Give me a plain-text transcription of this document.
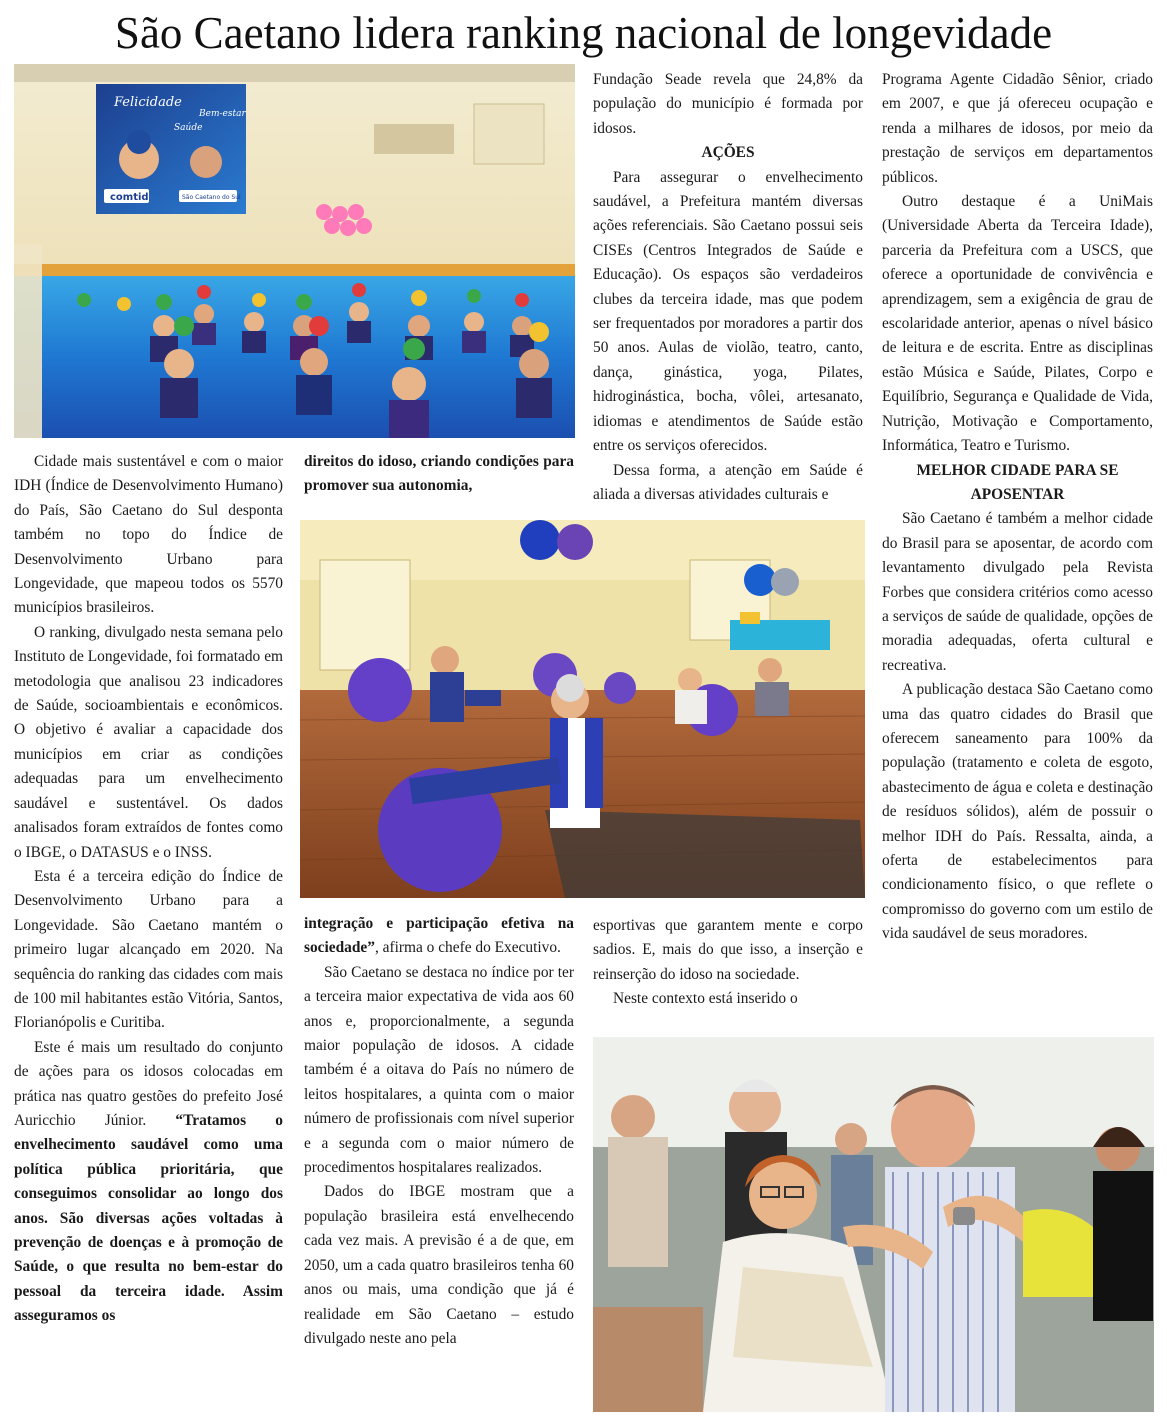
São Caetano lidera ranking nacional de longevidade
Felicidade
Bem-estar
Saúde
comtid	São Caetano do Sul

Cidade mais sustentável e com o maior IDH (Índice de Desenvolvimento Humano) do País, São Caetano do Sul desponta também no topo do Índice de Desenvolvimento Urbano para Longevidade, que mapeou todos os 5570 municípios brasileiros.

O ranking, divulgado nesta semana pelo Instituto de Longevidade, foi formatado em metodologia que analisou 23 indicadores de Saúde, socioambientais e econômicos. O objetivo é avaliar a capacidade dos municípios em criar as condições adequadas para um envelhecimento saudável e sustentável. Os dados analisados foram extraídos de fontes como o IBGE, o DATASUS e o INSS.

Esta é a terceira edição do Índice de Desenvolvimento Urbano para a Longevidade. São Caetano mantém o primeiro lugar alcançado em 2020. Na sequência do ranking das cidades com mais de 100 mil habitantes estão Vitória, Santos, Florianópolis e Curitiba.

Este é mais um resultado do conjunto de ações para os idosos colocadas em prática nas quatro gestões do prefeito José Auricchio Júnior. “Tratamos o envelhecimento saudável como uma política pública prioritária, que conseguimos consolidar ao longo dos anos. São diversas ações voltadas à prevenção de doenças e à promoção de Saúde, o que resulta no bem-estar do pessoal da terceira idade. Assim asseguramos os

direitos do idoso, criando condições para promover sua autonomia,

integração e participação efetiva na sociedade”, afirma o chefe do Executivo.

São Caetano se destaca no índice por ter a terceira maior expectativa de vida aos 60 anos e, proporcionalmente, a segunda maior população de idosos. A cidade também é a oitava do País no número de leitos hospitalares, a quinta com o maior número de profissionais com nível superior e a segunda com o maior número de procedimentos hospitalares realizados.

Dados do IBGE mostram que a população brasileira está envelhecendo cada vez mais. A previsão é a de que, em 2050, um a cada quatro brasileiros tenha 60 anos ou mais, uma condição que já é realidade em São Caetano – estudo divulgado neste ano pela

Fundação Seade revela que 24,8% da população do município é formada por idosos.

AÇÕES

Para assegurar o envelhecimento saudável, a Prefeitura mantém diversas ações referenciais. São Caetano possui seis CISEs (Centros Integrados de Saúde e Educação). Os espaços são verdadeiros clubes da terceira idade, mas que podem ser frequentados por moradores a partir dos 50 anos. Aulas de violão, teatro, canto, dança, ginástica, yoga, Pilates, hidroginástica, bocha, vôlei, artesanato, idiomas e atendimentos de Saúde estão entre os serviços oferecidos.

Dessa forma, a atenção em Saúde é aliada a diversas atividades culturais e

esportivas que garantem mente e corpo sadios. E, mais do que isso, a inserção e reinserção do idoso na sociedade.

Neste contexto está inserido o

Programa Agente Cidadão Sênior, criado em 2007, e que já ofereceu ocupação e renda a milhares de idosos, por meio da prestação de serviços em departamentos públicos.

Outro destaque é a UniMais (Universidade Aberta da Terceira Idade), parceria da Prefeitura com a USCS, que oferece a oportunidade de convivência e aprendizagem, sem a exigência de grau de escolaridade anterior, apenas o nível básico de leitura e de escrita. Entre as disciplinas estão Música e Saúde, Pilates, Corpo e Equilíbrio, Segurança e Qualidade de Vida, Nutrição, Motivação e Comportamento, Informática, Teatro e Turismo.

MELHOR CIDADE PARA SE APOSENTAR

São Caetano é também a melhor cidade do Brasil para se aposentar, de acordo com levantamento divulgado pela Revista Forbes que considera critérios como acesso a serviços de saúde de qualidade, opções de moradia adequadas, oferta cultural e recreativa.

A publicação destaca São Caetano como uma das quatro cidades do Brasil que oferecem saneamento para 100% da população (tratamento e coleta de esgoto, abastecimento de água e coleta e destinação de resíduos sólidos), além de possuir o melhor IDH do País. Ressalta, ainda, a oferta de estabelecimentos para condicionamento físico, o que reflete o compromisso do governo com um estilo de vida saudável de seus moradores.
